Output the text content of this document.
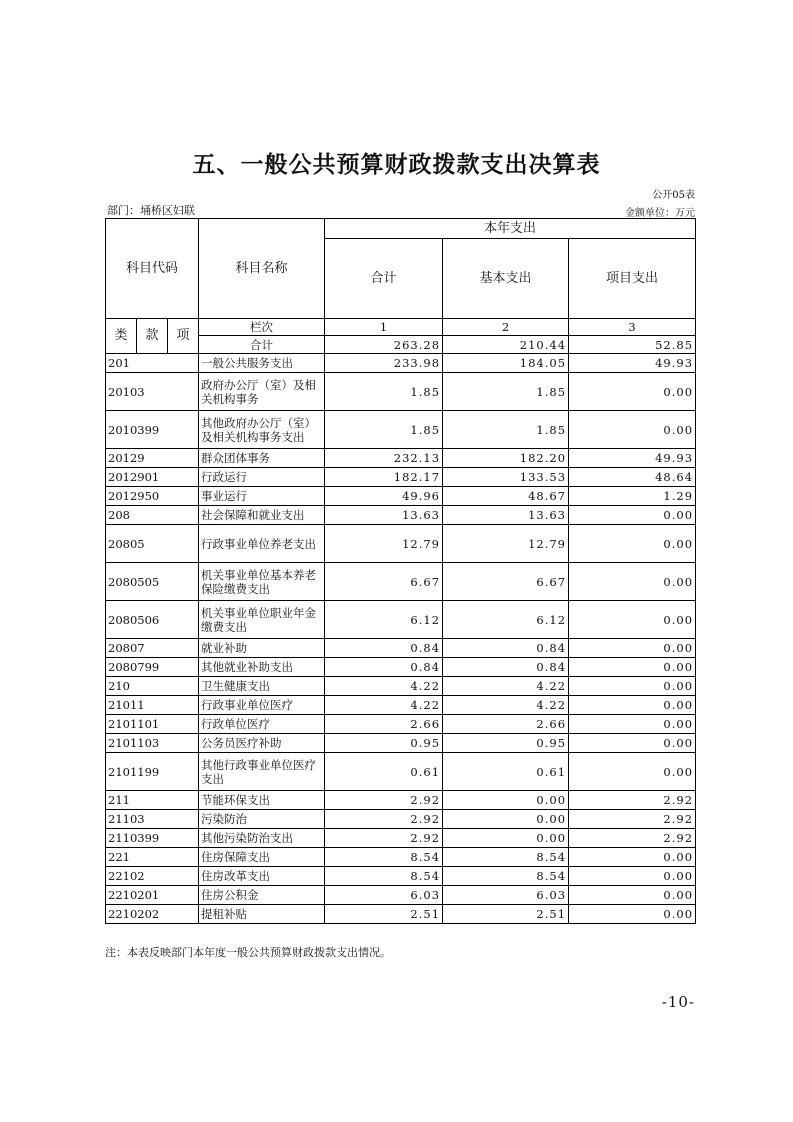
五、一般公共预算财政拨款支出决算表
公开05表
部门：埇桥区妇联	金额单位：万元
科目代码			科目名称	本年支出		
				合计	基本支出	项目支出
类	款	项	栏次	1	2	3
			合计	263.28	210.44	52.85
201			一般公共服务支出	233.98	184.05	49.93
20103			政府办公厅（室）及相关机构事务	1.85	1.85	0.00
2010399			其他政府办公厅（室）及相关机构事务支出	1.85	1.85	0.00
20129			群众团体事务	232.13	182.20	49.93
2012901			行政运行	182.17	133.53	48.64
2012950			事业运行	49.96	48.67	1.29
208			社会保障和就业支出	13.63	13.63	0.00
20805			行政事业单位养老支出	12.79	12.79	0.00
2080505			机关事业单位基本养老保险缴费支出	6.67	6.67	0.00
2080506			机关事业单位职业年金缴费支出	6.12	6.12	0.00
20807			就业补助	0.84	0.84	0.00
2080799			其他就业补助支出	0.84	0.84	0.00
210			卫生健康支出	4.22	4.22	0.00
21011			行政事业单位医疗	4.22	4.22	0.00
2101101			行政单位医疗	2.66	2.66	0.00
2101103			公务员医疗补助	0.95	0.95	0.00
2101199			其他行政事业单位医疗支出	0.61	0.61	0.00
211			节能环保支出	2.92	0.00	2.92
21103			污染防治	2.92	0.00	2.92
2110399			其他污染防治支出	2.92	0.00	2.92
221			住房保障支出	8.54	8.54	0.00
22102			住房改革支出	8.54	8.54	0.00
2210201			住房公积金	6.03	6.03	0.00
2210202			提租补贴	2.51	2.51	0.00
注：本表反映部门本年度一般公共预算财政拨款支出情况。
-10-
